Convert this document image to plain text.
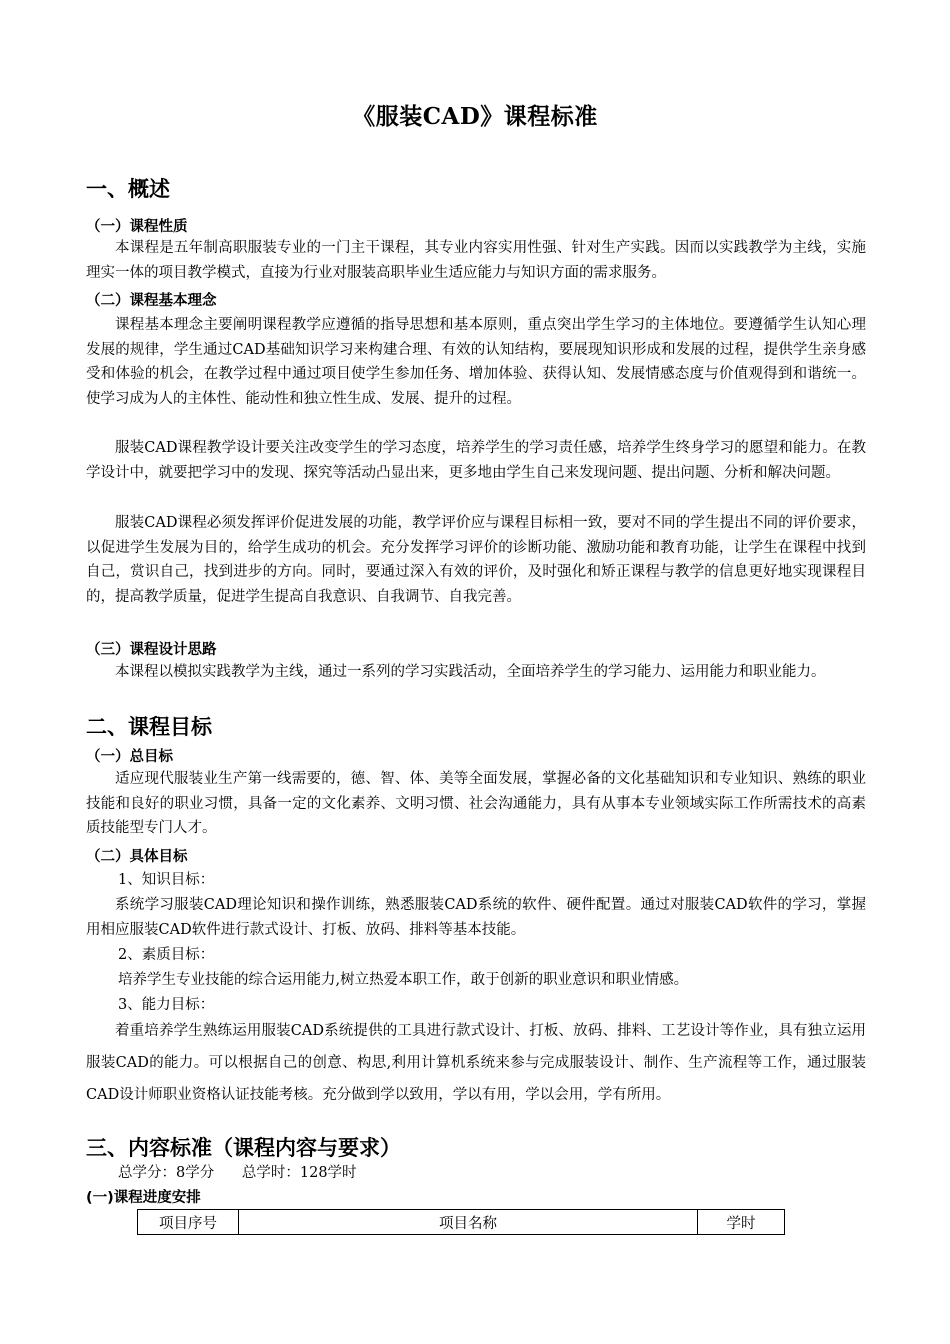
《服装CAD》课程标准
一、概述
（一）课程性质
本课程是五年制高职服装专业的一门主干课程，其专业内容实用性强、针对生产实践。因而以实践教学为主线，实施理实一体的项目教学模式，直接为行业对服装高职毕业生适应能力与知识方面的需求服务。
（二）课程基本理念
课程基本理念主要阐明课程教学应遵循的指导思想和基本原则，重点突出学生学习的主体地位。要遵循学生认知心理发展的规律，学生通过CAD基础知识学习来构建合理、有效的认知结构，要展现知识形成和发展的过程，提供学生亲身感受和体验的机会，在教学过程中通过项目使学生参加任务、增加体验、获得认知、发展情感态度与价值观得到和谐统一。使学习成为人的主体性、能动性和独立性生成、发展、提升的过程。
服装CAD课程教学设计要关注改变学生的学习态度，培养学生的学习责任感，培养学生终身学习的愿望和能力。在教学设计中，就要把学习中的发现、探究等活动凸显出来，更多地由学生自己来发现问题、提出问题、分析和解决问题。
服装CAD课程必须发挥评价促进发展的功能，教学评价应与课程目标相一致，要对不同的学生提出不同的评价要求，以促进学生发展为目的，给学生成功的机会。充分发挥学习评价的诊断功能、激励功能和教育功能，让学生在课程中找到自己，赏识自己，找到进步的方向。同时，要通过深入有效的评价，及时强化和矫正课程与教学的信息更好地实现课程目的，提高教学质量，促进学生提高自我意识、自我调节、自我完善。
（三）课程设计思路
本课程以模拟实践教学为主线，通过一系列的学习实践活动，全面培养学生的学习能力、运用能力和职业能力。
二、课程目标
（一）总目标
适应现代服装业生产第一线需要的，德、智、体、美等全面发展，掌握必备的文化基础知识和专业知识、熟练的职业技能和良好的职业习惯，具备一定的文化素养、文明习惯、社会沟通能力，具有从事本专业领域实际工作所需技术的高素质技能型专门人才。
（二）具体目标
1、知识目标：
系统学习服装CAD理论知识和操作训练，熟悉服装CAD系统的软件、硬件配置。通过对服装CAD软件的学习，掌握用相应服装CAD软件进行款式设计、打板、放码、排料等基本技能。
2、素质目标：
培养学生专业技能的综合运用能力,树立热爱本职工作，敢于创新的职业意识和职业情感。
3、能力目标：
着重培养学生熟练运用服装CAD系统提供的工具进行款式设计、打板、放码、排料、工艺设计等作业，具有独立运用服装CAD的能力。可以根据自己的创意、构思,利用计算机系统来参与完成服装设计、制作、生产流程等工作，通过服装CAD设计师职业资格认证技能考核。充分做到学以致用，学以有用，学以会用，学有所用。
三、内容标准（课程内容与要求）
总学分：8学分      总学时：128学时
(一)课程进度安排
项目序号	项目名称	学时
